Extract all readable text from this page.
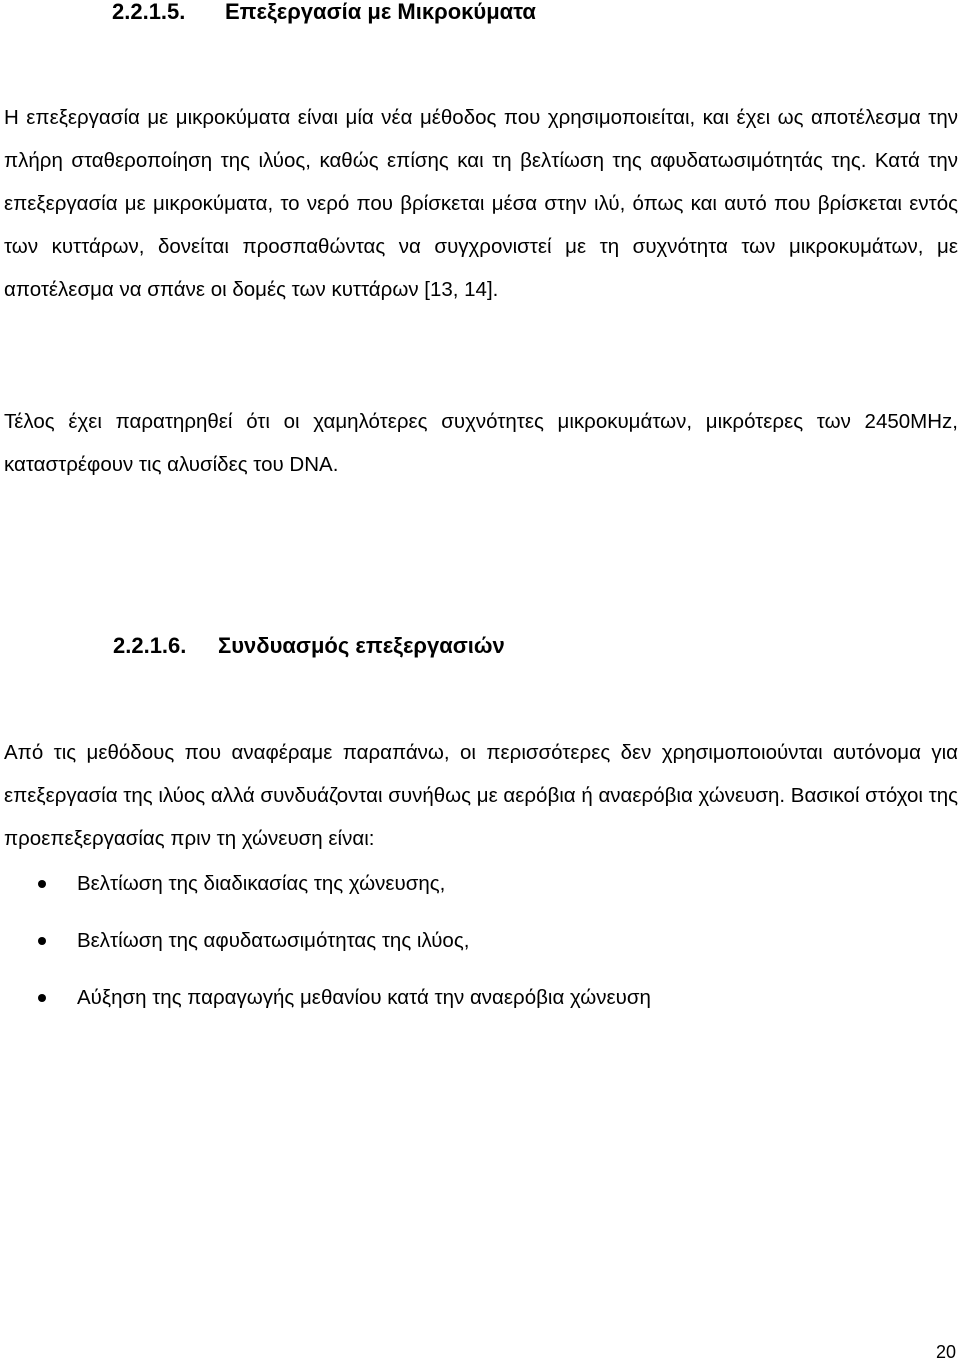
2.2.1.5. Επεξεργασία με Μικροκύματα
Η επεξεργασία με μικροκύματα είναι μία νέα μέθοδος που χρησιμοποιείται, και έχει ως αποτέλεσμα την πλήρη σταθεροποίηση της ιλύος, καθώς επίσης και τη βελτίωση της αφυδατωσιμότητάς της. Κατά την επεξεργασία με μικροκύματα, το νερό που βρίσκεται μέσα στην ιλύ, όπως και αυτό που βρίσκεται εντός των κυττάρων, δονείται προσπαθώντας να συγχρονιστεί με τη συχνότητα των μικροκυμάτων, με αποτέλεσμα να σπάνε οι δομές των κυττάρων [13, 14].
Τέλος έχει παρατηρηθεί ότι οι χαμηλότερες συχνότητες μικροκυμάτων, μικρότερες των 2450MHz, καταστρέφουν τις αλυσίδες του DNA.
2.2.1.6. Συνδυασμός επεξεργασιών
Από τις μεθόδους που αναφέραμε παραπάνω, οι περισσότερες δεν χρησιμοποιούνται αυτόνομα για επεξεργασία της ιλύος αλλά συνδυάζονται συνήθως με αερόβια ή αναερόβια χώνευση. Βασικοί στόχοι της προεπεξεργασίας πριν τη χώνευση είναι:
Βελτίωση της διαδικασίας της χώνευσης,
Βελτίωση της αφυδατωσιμότητας της ιλύος,
Αύξηση της παραγωγής μεθανίου κατά την αναερόβια χώνευση
20
